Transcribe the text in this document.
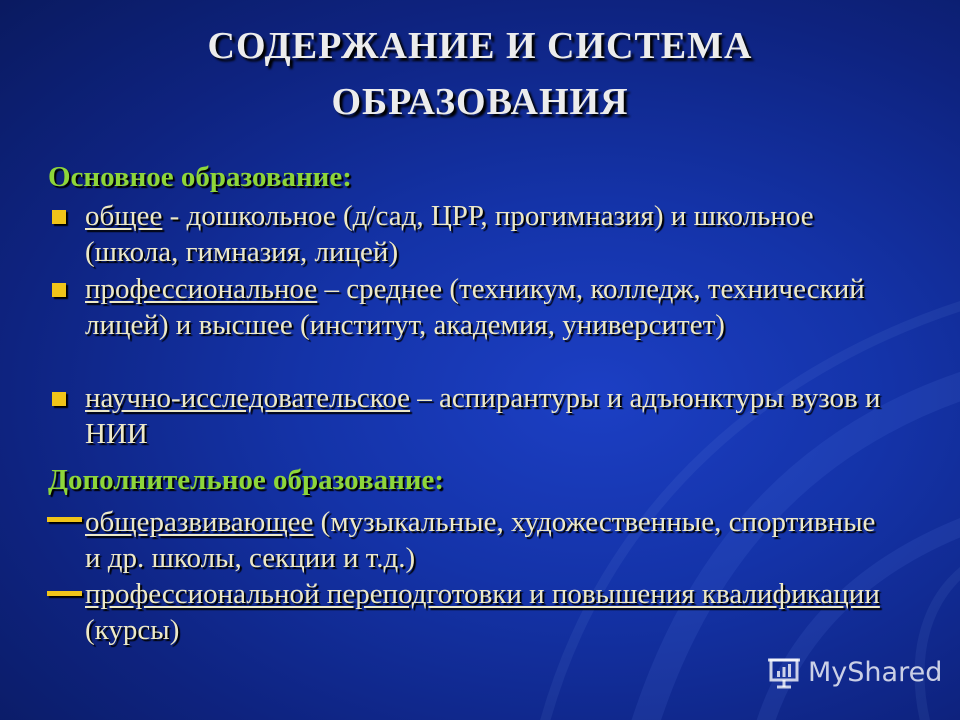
СОДЕРЖАНИЕ И СИСТЕМА
ОБРАЗОВАНИЯ
Основное образование:
общее - дошкольное (д/сад, ЦРР, прогимназия) и школьное (школа, гимназия, лицей)
профессиональное – среднее (техникум, колледж, технический лицей) и высшее (институт, академия, университет)
научно-исследовательское – аспирантуры и адъюнктуры вузов и НИИ
Дополнительное образование:
общеразвивающее (музыкальные, художественные, спортивные и др. школы, секции и т.д.)
профессиональной переподготовки и повышения квалификации (курсы)
MyShared
